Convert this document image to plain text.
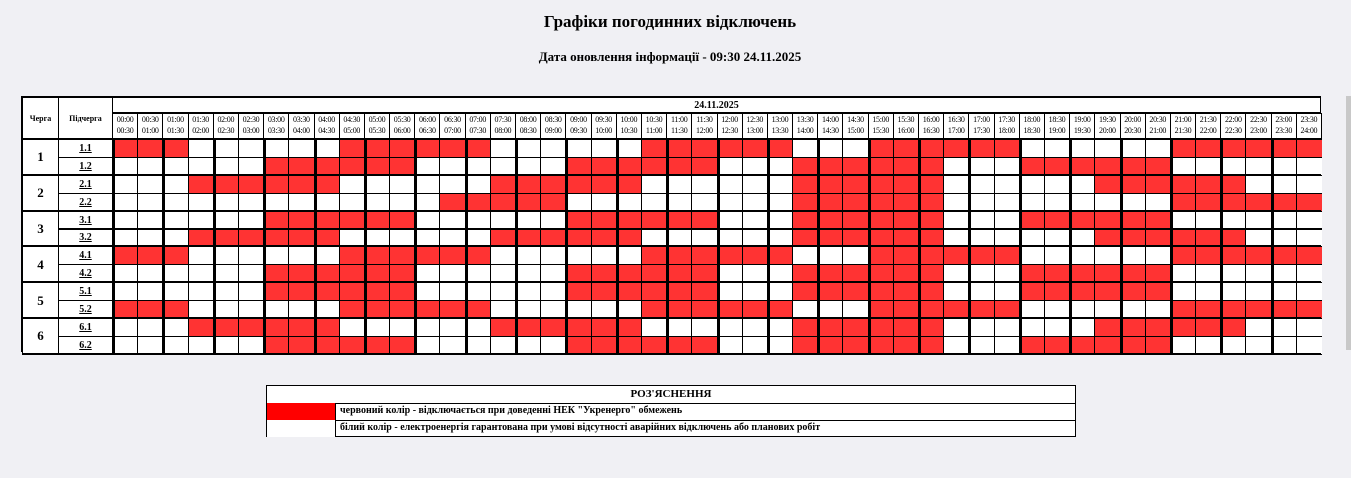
Графіки погодинних відключень
Дата оновлення інформації - 09:30 24.11.2025
Черга	Підчерга
24.11.2025
00:00
00:30
00:30
01:00
01:00
01:30
01:30
02:00
02:00
02:30
02:30
03:00
03:00
03:30
03:30
04:00
04:00
04:30
04:30
05:00
05:00
05:30
05:30
06:00
06:00
06:30
06:30
07:00
07:00
07:30
07:30
08:00
08:00
08:30
08:30
09:00
09:00
09:30
09:30
10:00
10:00
10:30
10:30
11:00
11:00
11:30
11:30
12:00
12:00
12:30
12:30
13:00
13:00
13:30
13:30
14:00
14:00
14:30
14:30
15:00
15:00
15:30
15:30
16:00
16:00
16:30
16:30
17:00
17:00
17:30
17:30
18:00
18:00
18:30
18:30
19:00
19:00
19:30
19:30
20:00
20:00
20:30
20:30
21:00
21:00
21:30
21:30
22:00
22:00
22:30
22:30
23:00
23:00
23:30
23:30
24:00
1
1.1
1.2
2
2.1
2.2
3
3.1
3.2
4
4.1
4.2
5
5.1
5.2
6
6.1
6.2
РОЗ'ЯСНЕННЯ
червоний колір - відключається при доведенні НЕК "Укренерго" обмежень
білий колір - електроенергія гарантована при умові відсутності аварійних відключень або планових робіт
